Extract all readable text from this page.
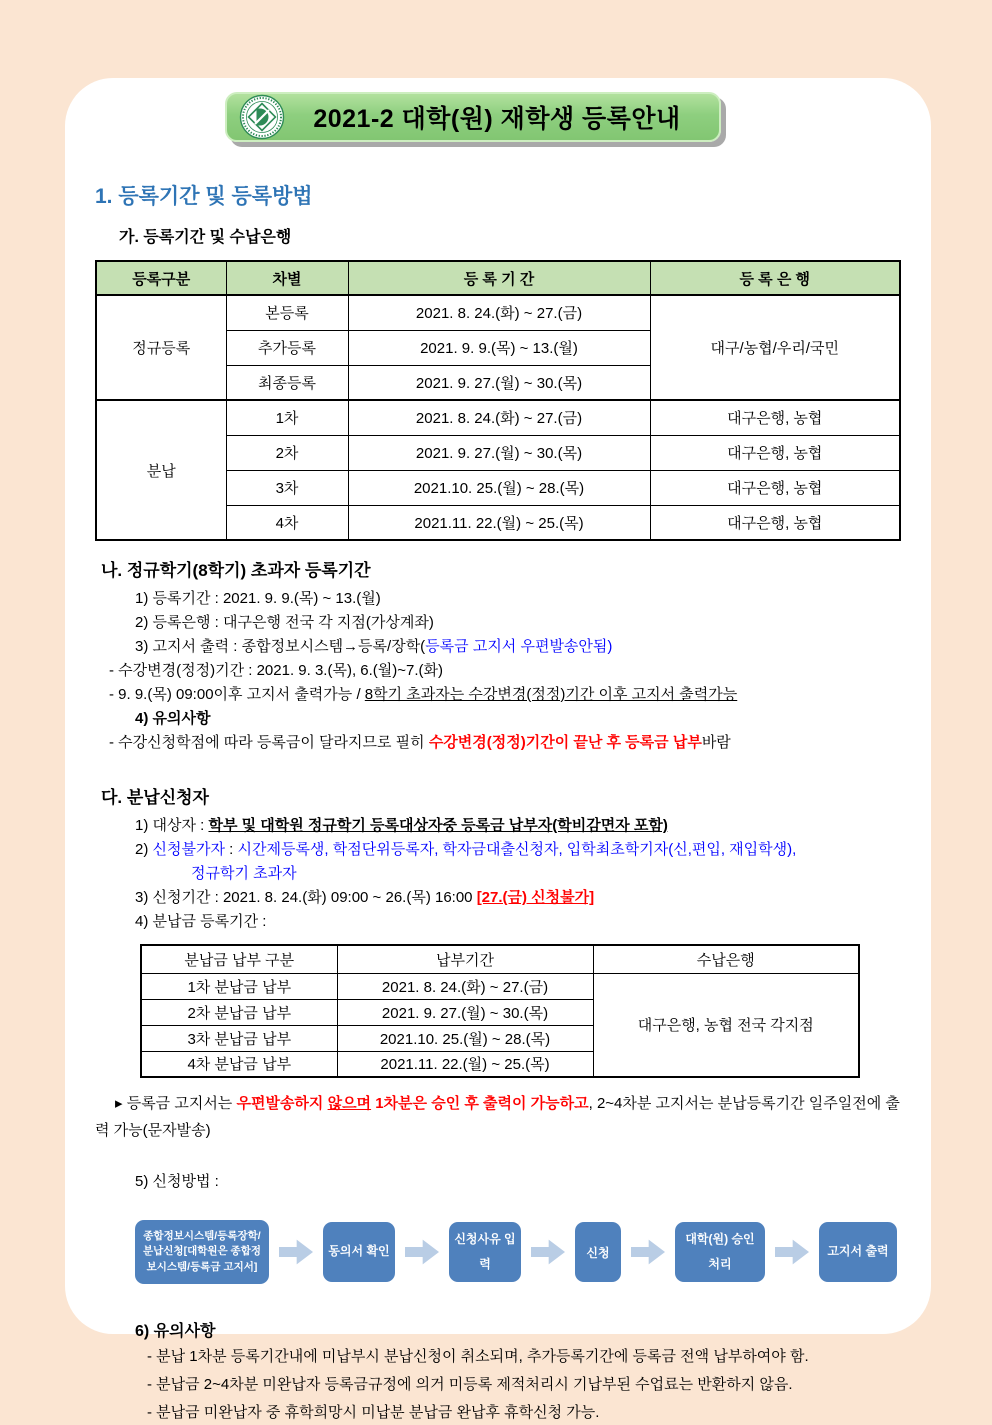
2021-2 대학(원) 재학생 등록안내
1. 등록기간 및 등록방법
가. 등록기간 및 수납은행
등록구분	차별	등 록 기 간	등 록 은 행
정규등록	본등록	2021. 8. 24.(화) ~ 27.(금)	대구/농협/우리/국민
	추가등록	2021. 9. 9.(목) ~ 13.(월)	
	최종등록	2021. 9. 27.(월) ~ 30.(목)	
분납	1차	2021. 8. 24.(화) ~ 27.(금)	대구은행, 농협
	2차	2021. 9. 27.(월) ~ 30.(목)	대구은행, 농협
	3차	2021.10. 25.(월) ~ 28.(목)	대구은행, 농협
	4차	2021.11. 22.(월) ~ 25.(목)	대구은행, 농협
나. 정규학기(8학기) 초과자 등록기간
1) 등록기간 : 2021. 9. 9.(목) ~ 13.(월)
2) 등록은행 : 대구은행 전국 각 지점(가상계좌)
3) 고지서 출력 : 종합정보시스템→등록/장학(등록금 고지서 우편발송안됨)
- 수강변경(정정)기간 : 2021. 9. 3.(목), 6.(월)~7.(화)
- 9. 9.(목) 09:00이후 고지서 출력가능 / 8학기 초과자는 수강변경(정정)기간 이후 고지서 출력가능
4) 유의사항
- 수강신청학점에 따라 등록금이 달라지므로 필히 수강변경(정정)기간이 끝난 후 등록금 납부바람
다. 분납신청자
1) 대상자 : 학부 및 대학원 정규학기 등록대상자중 등록금 납부자(학비감면자 포함)
2) 신청불가자 : 시간제등록생, 학점단위등록자, 학자금대출신청자, 입학최초학기자(신,편입, 재입학생),
정규학기 초과자
3) 신청기간 : 2021. 8. 24.(화) 09:00 ~ 26.(목) 16:00 [27.(금) 신청불가]
4) 분납금 등록기간 :
분납금 납부 구분	납부기간	수납은행
1차 분납금 납부	2021. 8. 24.(화) ~ 27.(금)	대구은행, 농협 전국 각지점
2차 분납금 납부	2021. 9. 27.(월) ~ 30.(목)	
3차 분납금 납부	2021.10. 25.(월) ~ 28.(목)	
4차 분납금 납부	2021.11. 22.(월) ~ 25.(목)	
▸ 등록금 고지서는 우편발송하지 않으며 1차분은 승인 후 출력이 가능하고, 2~4차분 고지서는 분납등록기간 일주일전에 출력 가능(문자발송)
5) 신청방법 :
종합정보시스템/등록장학/분납신청[대학원은 종합정보시스템/등록금 고지서]
동의서 확인
신청사유 입력
신청
대학(원) 승인처리
고지서 출력
6) 유의사항
- 분납 1차분 등록기간내에 미납부시 분납신청이 취소되며, 추가등록기간에 등록금 전액 납부하여야 함.
- 분납금 2~4차분 미완납자 등록금규정에 의거 미등록 제적처리시 기납부된 수업료는 반환하지 않음.
- 분납금 미완납자 중 휴학희망시 미납분 분납금 완납후 휴학신청 가능.
